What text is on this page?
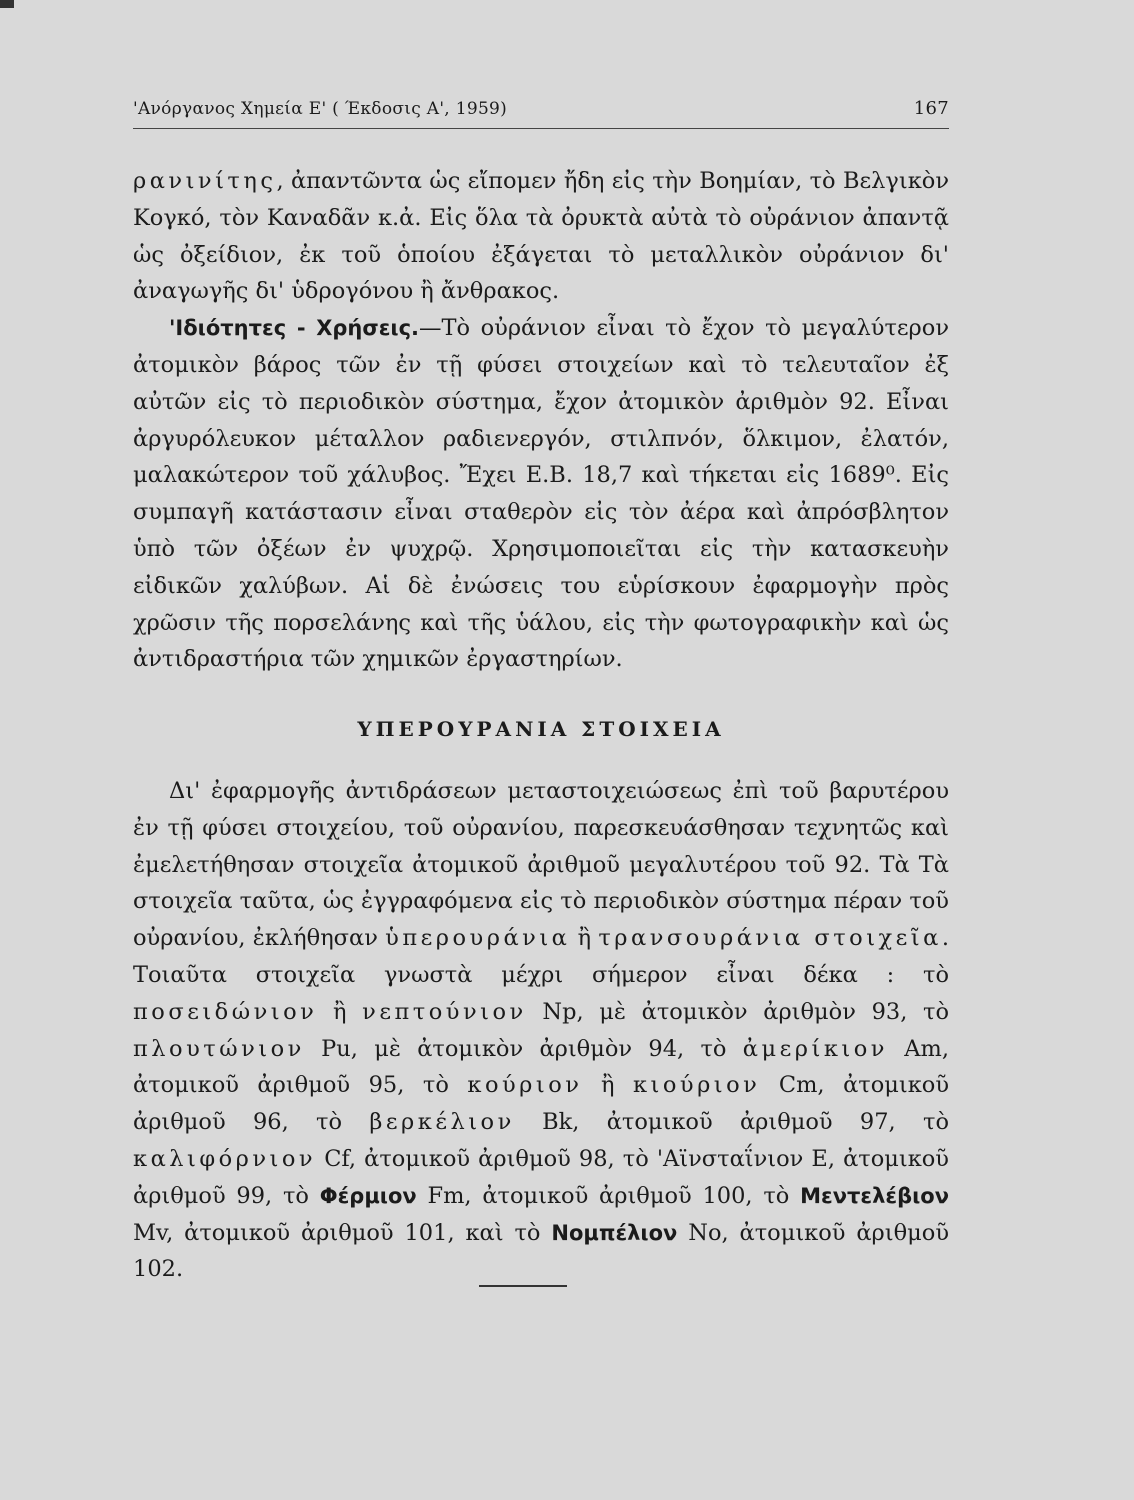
'Ανόργανος Χημεία Ε' ( Έκδοσις Α', 1959)	167

ρανινίτης, ἀπαντῶντα ὡς εἴπομεν ἤδη εἰς τὴν Βοημίαν, τὸ Βελγικὸν Κογκό, τὸν Καναδᾶν κ.ἀ. Εἰς ὅλα τὰ ὀρυκτὰ αὐτὰ τὸ οὐράνιον ἀπαντᾷ ὡς ὀξείδιον, ἐκ τοῦ ὁποίου ἐξάγεται τὸ μεταλλικὸν οὐράνιον δι' ἀναγωγῆς δι' ὑδρογόνου ἢ ἄνθρακος.

'Ιδιότητες - Χρήσεις.—Τὸ οὐράνιον εἶναι τὸ ἔχον τὸ μεγαλύτερον ἀτομικὸν βάρος τῶν ἐν τῇ φύσει στοιχείων καὶ τὸ τελευταῖον ἐξ αὐτῶν εἰς τὸ περιοδικὸν σύστημα, ἔχον ἀτομικὸν ἀριθμὸν 92. Εἶναι ἀργυρόλευκον μέταλλον ραδιενεργόν, στιλπνόν, ὅλκιμον, ἐλατόν, μαλακώτερον τοῦ χάλυβος. Ἔχει Ε.Β. 18,7 καὶ τήκεται εἰς 1689⁰. Εἰς συμπαγῆ κατάστασιν εἶναι σταθερὸν εἰς τὸν ἀέρα καὶ ἀπρόσβλητον ὑπὸ τῶν ὀξέων ἐν ψυχρῷ. Χρησιμοποιεῖται εἰς τὴν κατασκευὴν εἰδικῶν χαλύβων. Αἱ δὲ ἐνώσεις του εὑρίσκουν ἐφαρμογὴν πρὸς χρῶσιν τῆς πορσελάνης καὶ τῆς ὑάλου, εἰς τὴν φωτογραφικὴν καὶ ὡς ἀντιδραστήρια τῶν χημικῶν ἐργαστηρίων.

ΥΠΕΡΟΥΡΑΝΙΑ ΣΤΟΙΧΕΙΑ

Δι' ἐφαρμογῆς ἀντιδράσεων μεταστοιχειώσεως ἐπὶ τοῦ βαρυτέρου ἐν τῇ φύσει στοιχείου, τοῦ οὐρανίου, παρεσκευάσθησαν τεχνητῶς καὶ ἐμελετήθησαν στοιχεῖα ἀτομικοῦ ἀριθμοῦ μεγαλυτέρου τοῦ 92. Τὰ Τὰ στοιχεῖα ταῦτα, ὡς ἐγγραφόμενα εἰς τὸ περιοδικὸν σύστημα πέραν τοῦ οὐρανίου, ἐκλήθησαν ὑπερουράνια ἢ τρανσουράνια στοιχεῖα. Τοιαῦτα στοιχεῖα γνωστὰ μέχρι σήμερον εἶναι δέκα : τὸ ποσειδώνιον ἢ νεπτούνιον Np, μὲ ἀτομικὸν ἀριθμὸν 93, τὸ πλουτώνιον Pu, μὲ ἀτομικὸν ἀριθμὸν 94, τὸ ἀμερίκιον Am, ἀτομικοῦ ἀριθμοῦ 95, τὸ κούριον ἢ κιούριον Cm, ἀτομικοῦ ἀριθμοῦ 96, τὸ βερκέλιον Bk, ἀτομικοῦ ἀριθμοῦ 97, τὸ καλιφόρνιον Cf, ἀτομικοῦ ἀριθμοῦ 98, τὸ 'Αϊνσταΐνιον Ε, ἀτομικοῦ ἀριθμοῦ 99, τὸ Φέρμιον Fm, ἀτομικοῦ ἀριθμοῦ 100, τὸ Μεντελέβιον Mv, ἀτομικοῦ ἀριθμοῦ 101, καὶ τὸ Νομπέλιον No, ἀτομικοῦ ἀριθμοῦ 102.
